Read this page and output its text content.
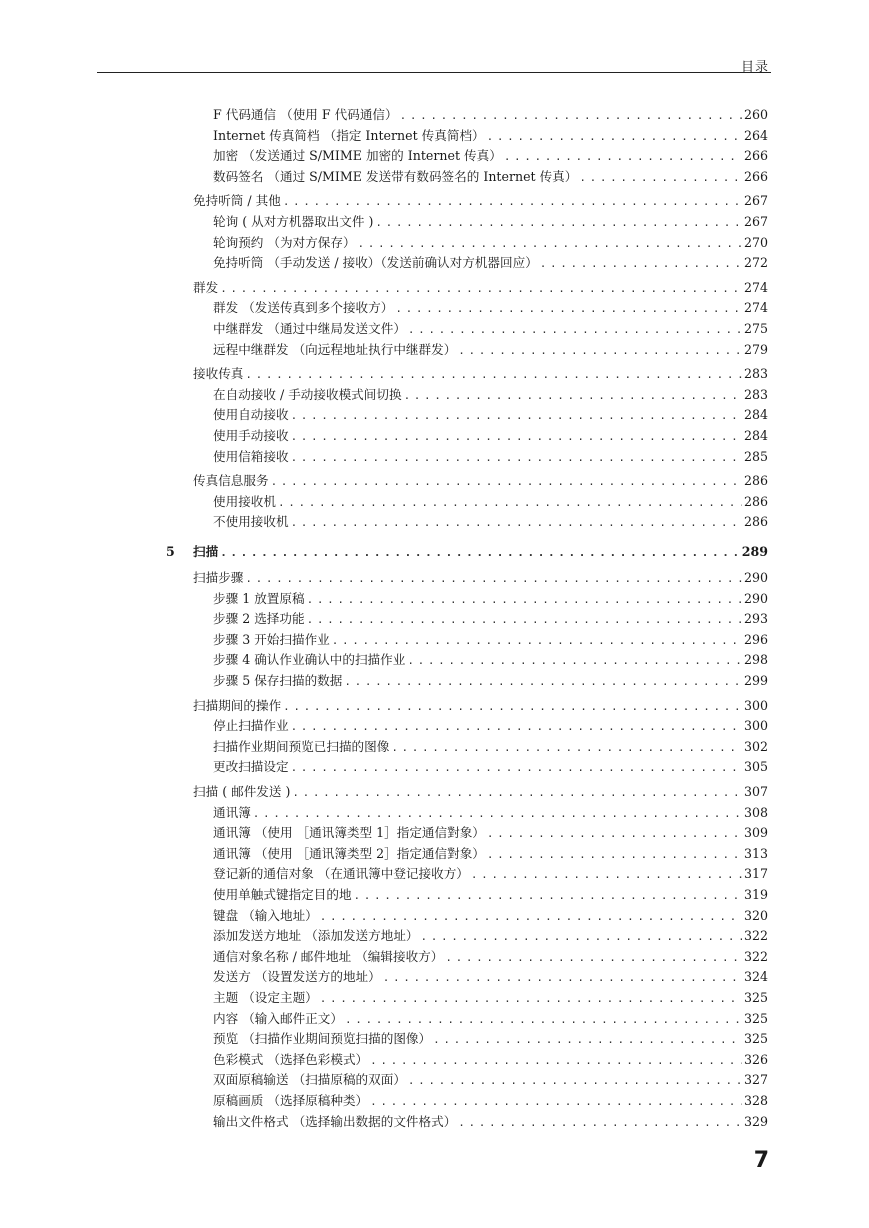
目录
F 代码通信 （使用 F 代码通信） . . .	260
Internet 传真简档 （指定 Internet 传真简档） . . .	264
加密 （发送通过 S/MIME 加密的 Internet 传真） . . .	266
数码签名 （通过 S/MIME 发送带有数码签名的 Internet 传真） . . .	266
免持听筒 / 其他 . . .	267
轮询 ( 从对方机器取出文件 ) . . .	267
轮询预约 （为对方保存） . . .	270
免持听筒 （手动发送 / 接收）（发送前确认对方机器回应） . . .	272
群发 . . .	274
群发 （发送传真到多个接收方） . . .	274
中继群发 （通过中继局发送文件） . . .	275
远程中继群发 （向远程地址执行中继群发） . . .	279
接收传真 . . .	283
在自动接收 / 手动接收模式间切换 . . .	283
使用自动接收 . . .	284
使用手动接收 . . .	284
使用信箱接收 . . .	285
传真信息服务 . . .	286
使用接收机 . . .	286
不使用接收机 . . .	286
5 扫描 . . .	289
扫描步骤 . . .	290
步骤 1 放置原稿 . . .	290
步骤 2 选择功能 . . .	293
步骤 3 开始扫描作业 . . .	296
步骤 4 确认作业确认中的扫描作业 . . .	298
步骤 5 保存扫描的数据 . . .	299
扫描期间的操作 . . .	300
停止扫描作业 . . .	300
扫描作业期间预览已扫描的图像 . . .	302
更改扫描设定 . . .	305
扫描 ( 邮件发送 ) . . .	307
通讯簿 . . .	308
通讯簿 （使用 ［通讯簿类型 1］指定通信對象） . . .	309
通讯簿 （使用 ［通讯簿类型 2］指定通信對象） . . .	313
登记新的通信对象 （在通讯簿中登记接收方） . . .	317
使用单触式键指定目的地 . . .	319
键盘 （输入地址） . . .	320
添加发送方地址 （添加发送方地址） . . .	322
通信对象名称 / 邮件地址 （编辑接收方） . . .	322
发送方 （设置发送方的地址） . . .	324
主题 （设定主题） . . .	325
内容 （输入邮件正文） . . .	325
预览 （扫描作业期间预览扫描的图像） . . .	325
色彩模式 （选择色彩模式） . . .	326
双面原稿输送 （扫描原稿的双面） . . .	327
原稿画质 （选择原稿种类） . . .	328
输出文件格式 （选择输出数据的文件格式） . . .	329
7
